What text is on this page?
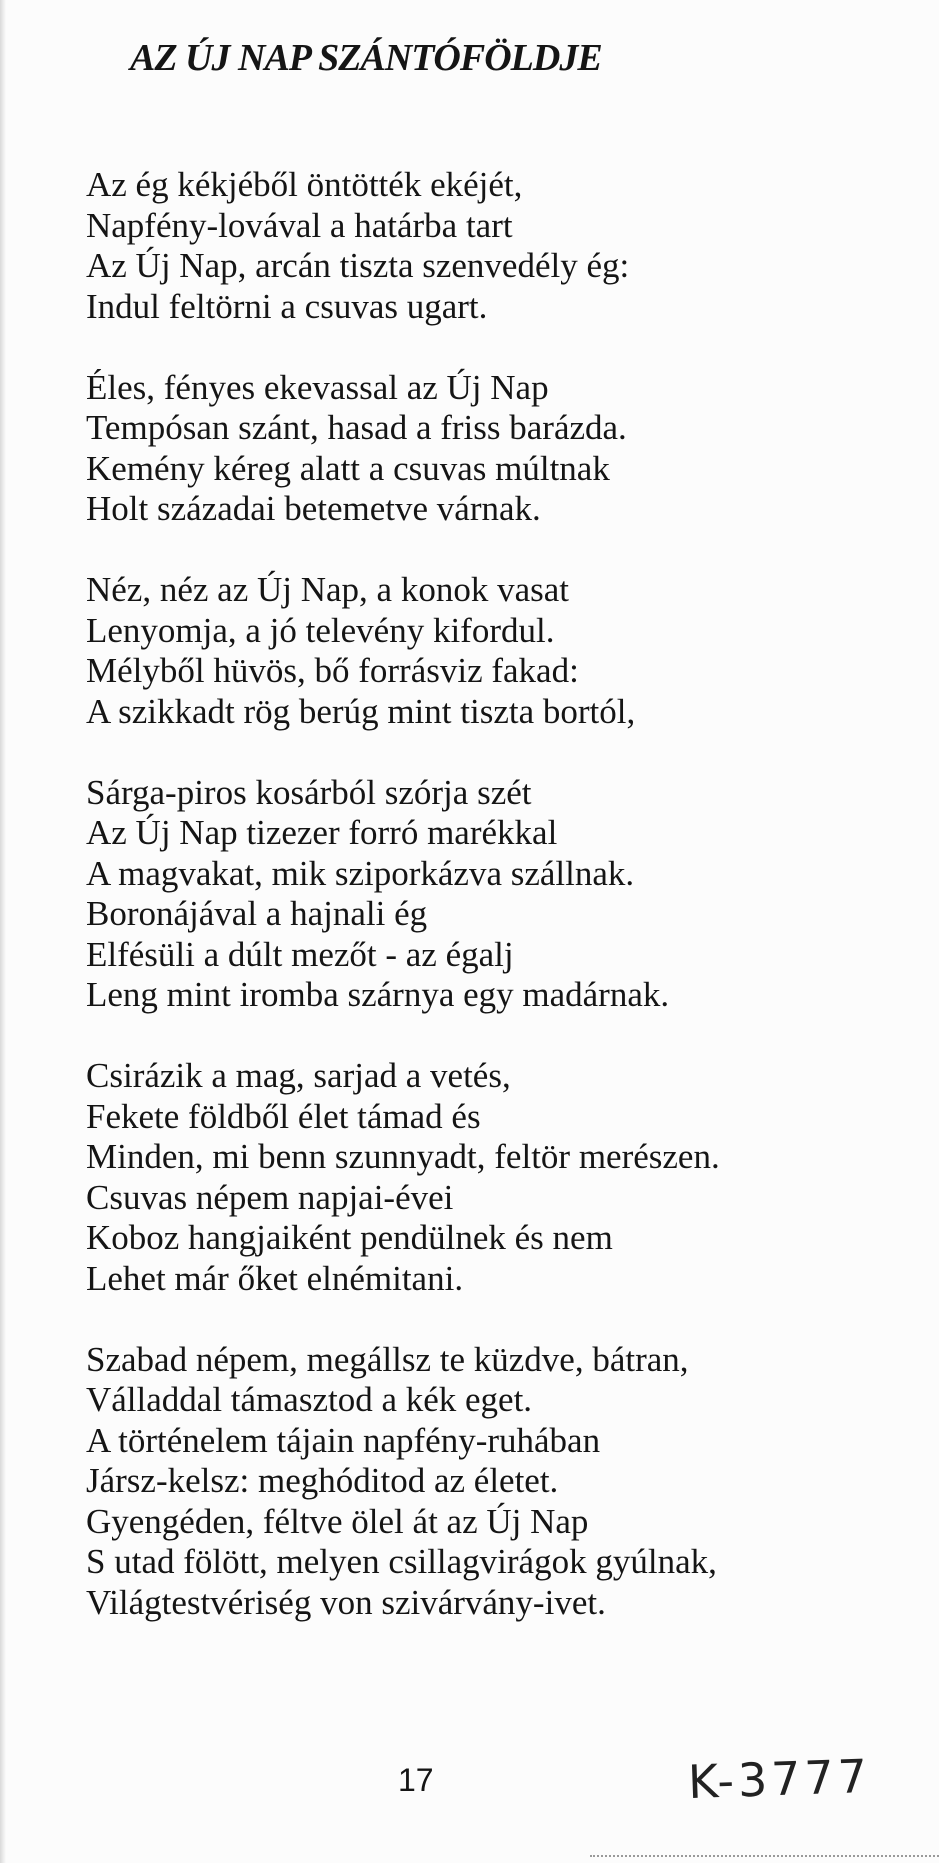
AZ ÚJ NAP SZÁNTÓFÖLDJE
Az ég kékjéből öntötték ekéjét,
Napfény-lovával a határba tart
Az Új Nap, arcán tiszta szenvedély ég:
Indul feltörni a csuvas ugart.
Éles, fényes ekevassal az Új Nap
Tempósan szánt, hasad a friss barázda.
Kemény kéreg alatt a csuvas múltnak
Holt századai betemetve várnak.
Néz, néz az Új Nap, a konok vasat
Lenyomja, a jó televény kifordul.
Mélyből hüvös, bő forrásviz fakad:
A szikkadt rög berúg mint tiszta bortól,
Sárga-piros kosárból szórja szét
Az Új Nap tizezer forró marékkal
A magvakat, mik sziporkázva szállnak.
Boronájával a hajnali ég
Elfésüli a dúlt mezőt - az égalj
Leng mint iromba szárnya egy madárnak.
Csirázik a mag, sarjad a vetés,
Fekete földből élet támad és
Minden, mi benn szunnyadt, feltör merészen.
Csuvas népem napjai-évei
Koboz hangjaiként pendülnek és nem
Lehet már őket elnémitani.
Szabad népem, megállsz te küzdve, bátran,
Válladdal támasztod a kék eget.
A történelem tájain napfény-ruhában
Jársz-kelsz: meghóditod az életet.
Gyengéden, féltve ölel át az Új Nap
S utad fölött, melyen csillagvirágok gyúlnak,
Világtestvériség von szivárvány-ivet.
17	K-3777
